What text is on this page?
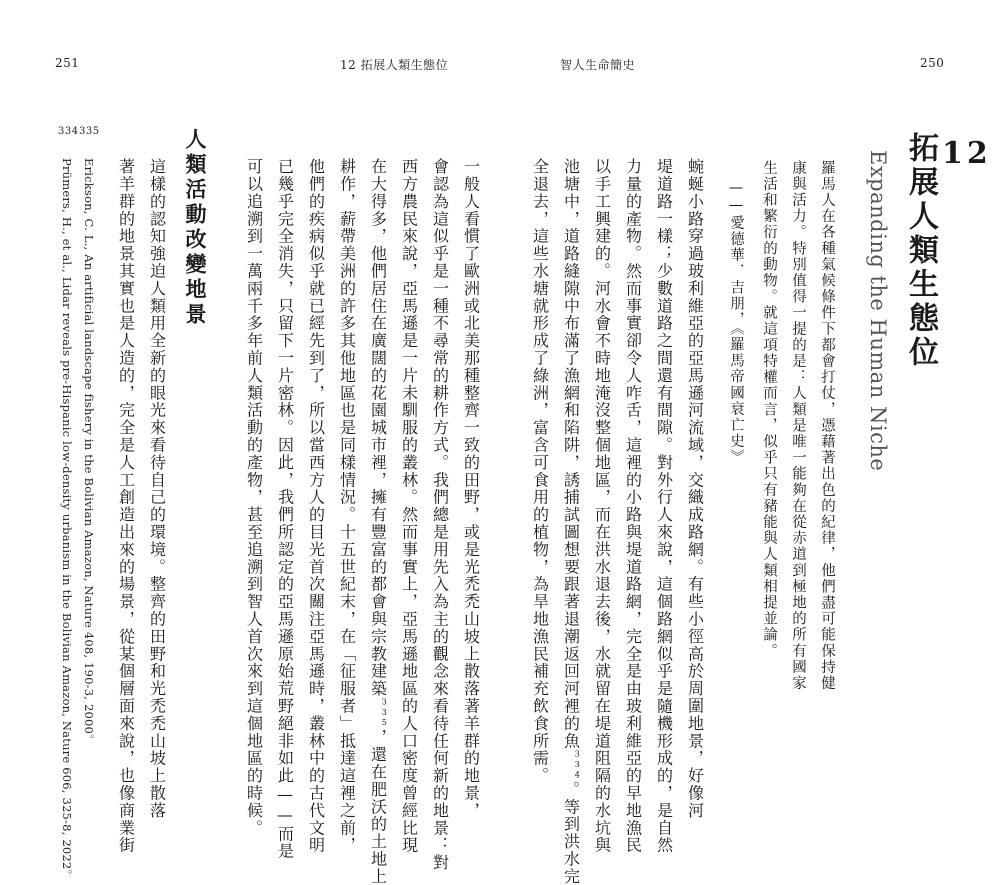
251	12 拓展人類生態位	智人生命簡史	250
12
拓展人類生態位
Expanding the Human Niche
羅馬人在各種氣候條件下都會打仗，憑藉著出色的紀律，他們盡可能保持健
康與活力。特別值得一提的是：人類是唯一能夠在從赤道到極地的所有國家
生活和繁衍的動物。就這項特權而言，似乎只有豬能與人類相提並論。
——愛德華．吉朋，《羅馬帝國衰亡史》
蜿蜒小路穿過玻利維亞的亞馬遜河流域，交織成路網。有些小徑高於周圍地景，好像河
堤道路一樣；少數道路之間還有間隙。對外行人來說，這個路網似乎是隨機形成的，是自然
力量的產物。然而事實卻令人咋舌，這裡的小路與堤道路網，完全是由玻利維亞的早地漁民
以手工興建的。河水會不時地淹沒整個地區，而在洪水退去後，水就留在堤道阻隔的水坑與
池塘中，道路縫隙中布滿了漁網和陷阱，誘捕試圖想要跟著退潮返回河裡的魚$^{334}$。等到洪水完
全退去，這些水塘就形成了綠洲，富含可食用的植物，為旱地漁民補充飲食所需。
一般人看慣了歐洲或北美那種整齊一致的田野，或是光禿禿山坡上散落著羊群的地景，
會認為這似乎是一種不尋常的耕作方式。我們總是用先入為主的觀念來看待任何新的地景：對
西方農民來說，亞馬遜是一片未馴服的叢林。然而事實上，亞馬遜地區的人口密度曾經比現
在大得多，他們居住在廣闊的花園城市裡，擁有豐富的都會與宗教建築$^{335}$，還在肥沃的土地上
耕作，薪帶美洲的許多其他地區也是同樣情況。十五世紀末，在「征服者」抵達這裡之前，
他們的疾病似乎就已經先到了，所以當西方人的目光首次關注亞馬遜時，叢林中的古代文明
已幾乎完全消失，只留下一片密林。因此，我們所認定的亞馬遜原始荒野絕非如此——而是
可以追溯到一萬兩千多年前人類活動的產物，甚至追溯到智人首次來到這個地區的時候。
人類活動改變地景
這樣的認知強迫人類用全新的眼光來看待自己的環境。整齊的田野和光禿禿山坡上散落
著羊群的地景其實也是人造的，完全是人工創造出來的場景，從某個層面來說，也像商業街
334 335
Erickson, C. L., An artificial landscape fishery in the Bolivian Amazon, Nature 408, 190-3, 2000。
Prümers, H., et al., Lidar reveals pre-Hispanic low-density urbanism in the Bolivian Amazon, Nature 606, 325-8, 2022。
